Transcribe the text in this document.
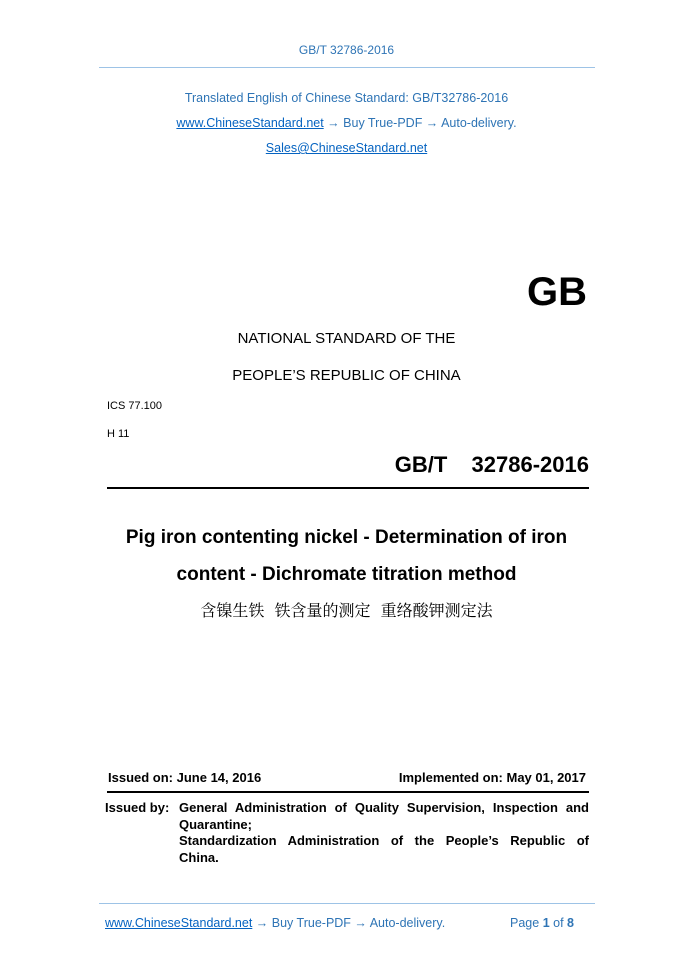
GB/T 32786-2016
Translated English of Chinese Standard: GB/T32786-2016
www.ChineseStandard.net → Buy True-PDF → Auto-delivery.
Sales@ChineseStandard.net
GB
NATIONAL STANDARD OF THE
PEOPLE’S REPUBLIC OF CHINA
ICS 77.100
H 11
GB/T  32786-2016
Pig iron contenting nickel - Determination of iron
content - Dichromate titration method
含镍生铁  铁含量的测定  重络酸钾测定法
Issued on: June 14, 2016	Implemented on: May 01, 2017
Issued by: General Administration of Quality Supervision, Inspection and
Quarantine;
Standardization Administration of the People’s Republic of
China.
www.ChineseStandard.net → Buy True-PDF → Auto-delivery.	Page 1 of 8
